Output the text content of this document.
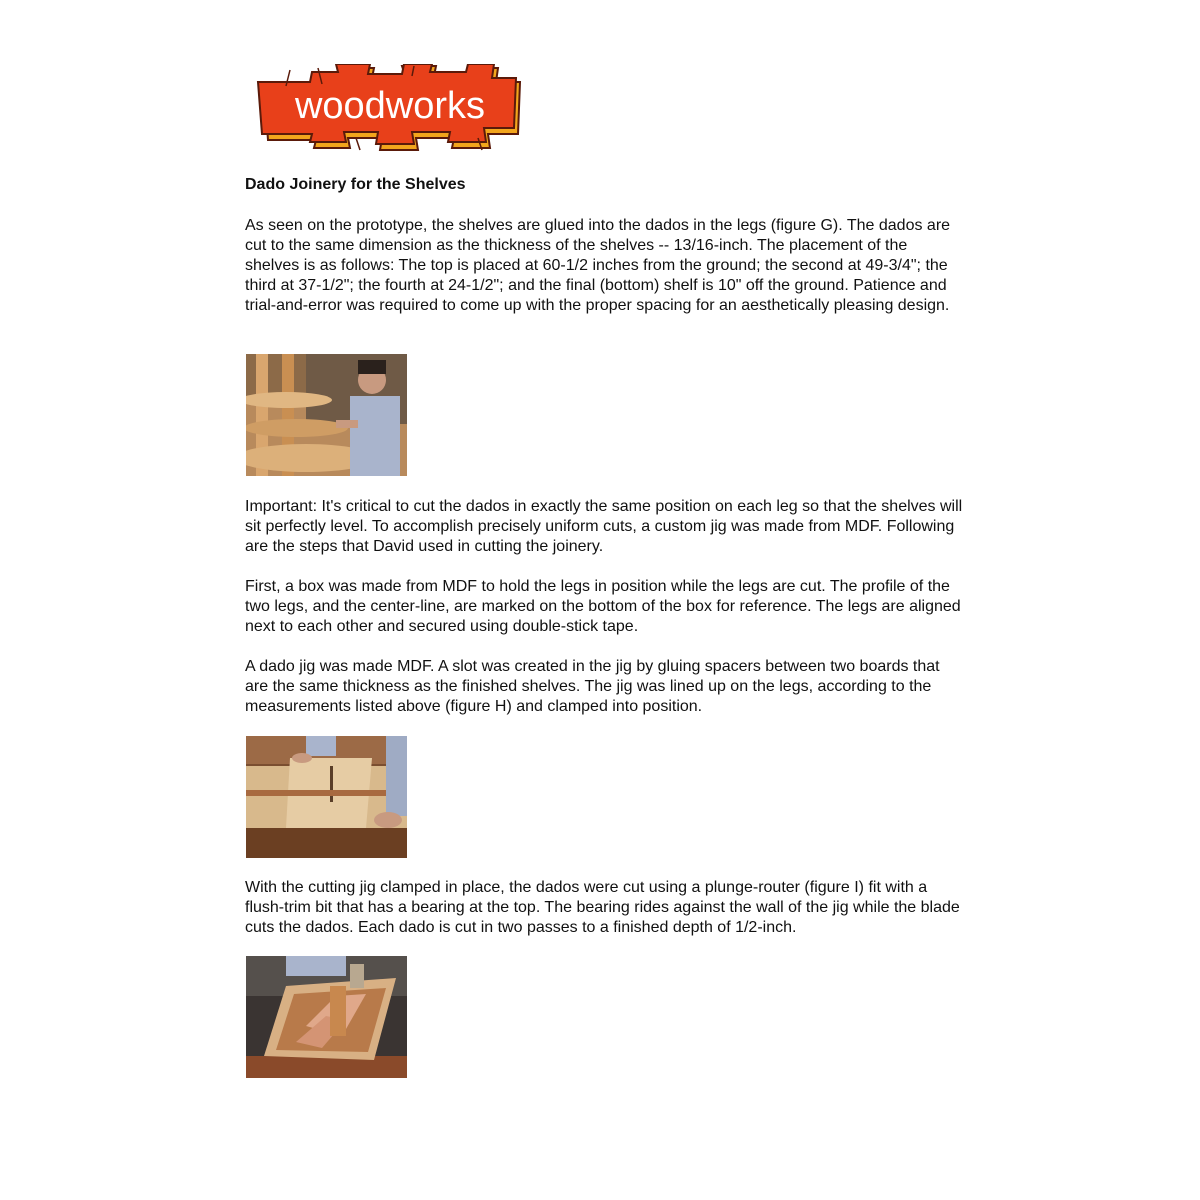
woodworks
Dado Joinery for the Shelves

As seen on the prototype, the shelves are glued into the dados in the legs (figure G). The dados are cut to the same dimension as the thickness of the shelves -- 13/16-inch. The placement of the shelves is as follows: The top is placed at 60-1/2 inches from the ground; the second at 49-3/4"; the third at 37-1/2"; the fourth at 24-1/2"; and the final (bottom) shelf is 10" off the ground. Patience and trial-and-error was required to come up with the proper spacing for an aesthetically pleasing design.

Important: It's critical to cut the dados in exactly the same position on each leg so that the shelves will sit perfectly level. To accomplish precisely uniform cuts, a custom jig was made from MDF. Following are the steps that David used in cutting the joinery.

First, a box was made from MDF to hold the legs in position while the legs are cut. The profile of the two legs, and the center-line, are marked on the bottom of the box for reference. The legs are aligned next to each other and secured using double-stick tape.

A dado jig was made MDF. A slot was created in the jig by gluing spacers between two boards that are the same thickness as the finished shelves. The jig was lined up on the legs, according to the measurements listed above (figure H) and clamped into position.

With the cutting jig clamped in place, the dados were cut using a plunge-router (figure I) fit with a flush-trim bit that has a bearing at the top. The bearing rides against the wall of the jig while the blade cuts the dados. Each dado is cut in two passes to a finished depth of 1/2-inch.
